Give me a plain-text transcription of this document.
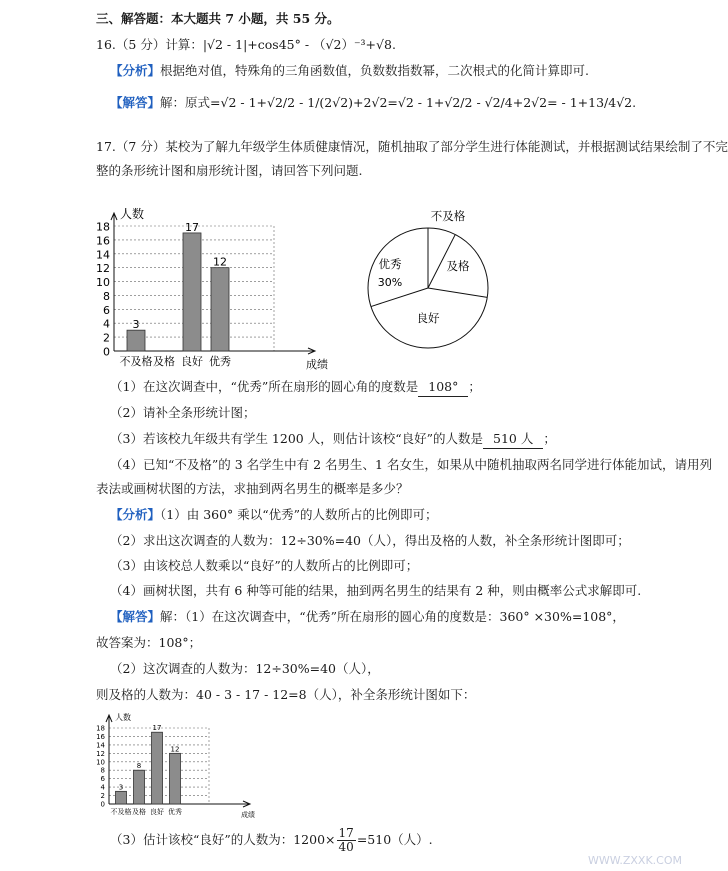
三、解答题：本大题共 7 小题，共 55 分。
16.（5 分）计算：|√2 - 1|+cos45° - （√2）⁻³+√8.
【分析】根据绝对值，特殊角的三角函数值，负数数指数幂，二次根式的化简计算即可.
【解答】解：原式=√2 - 1+√2/2 - 1/(2√2)+2√2=√2 - 1+√2/2 - √2/4+2√2= - 1+13/4√2.
17.（7 分）某校为了解九年级学生体质健康情况，随机抽取了部分学生进行体能测试，并根据测试结果绘制了不完
整的条形统计图和扇形统计图，请回答下列问题.
人数
成绩
0
2
4
6
8
10
12
14
16
18
3
不及格 及格
17
良好
12
优秀
不及格
及格
良好
优秀
30%
（1）在这次调查中，“优秀”所在扇形的圆心角的度数是 108° ；
（2）请补全条形统计图；
（3）若该校九年级共有学生 1200 人，则估计该校“良好”的人数是 510 人 ；
（4）已知“不及格”的 3 名学生中有 2 名男生、1 名女生，如果从中随机抽取两名同学进行体能加试，请用列
表法或画树状图的方法，求抽到两名男生的概率是多少？
【分析】（1）由 360° 乘以“优秀”的人数所占的比例即可；
（2）求出这次调查的人数为：12÷30%=40（人），得出及格的人数，补全条形统计图即可；
（3）由该校总人数乘以“良好”的人数所占的比例即可；
（4）画树状图，共有 6 种等可能的结果，抽到两名男生的结果有 2 种，则由概率公式求解即可.
【解答】解：（1）在这次调查中，“优秀”所在扇形的圆心角的度数是：360° ×30%=108°，
故答案为：108°；
（2）这次调查的人数为：12÷30%=40（人），
则及格的人数为：40 - 3 - 17 - 12=8（人），补全条形统计图如下：
人数
成绩
0
2
4
6
8
10
12
14
16
18
3
不及格
8
及格
17
良好
12
优秀
（3）估计该校“良好”的人数为：$1200\times \frac{17}{40} =510$（人）.
WWW.ZXXK.COM
